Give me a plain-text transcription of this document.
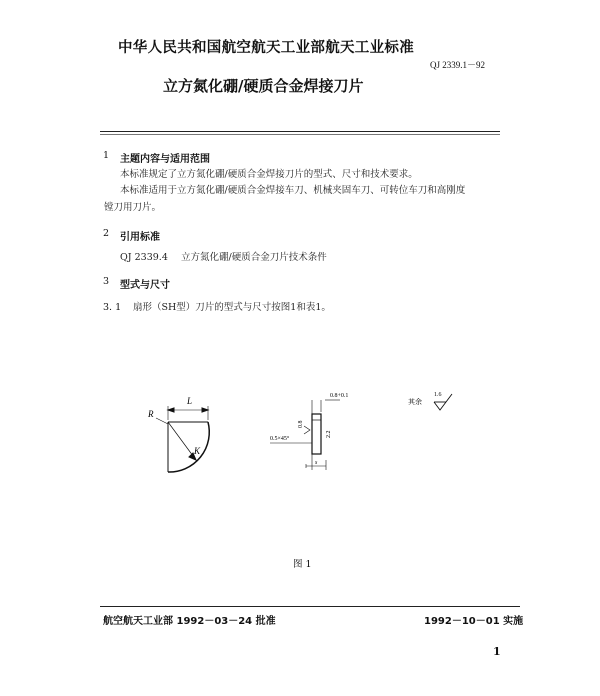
中华人民共和国航空航天工业部航天工业标准
QJ 2339.1－92
立方氮化硼/硬质合金焊接刀片
1 主题内容与适用范围
本标准规定了立方氮化硼/硬质合金焊接刀片的型式、尺寸和技术要求。
本标准适用于立方氮化硼/硬质合金焊接车刀、机械夹固车刀、可转位车刀和高刚度
镗刀用刀片。
2 引用标准
QJ 2339.4 立方氮化硼/硬质合金刀片技术条件
3 型式与尺寸
3. 1 扇形（SH型）刀片的型式与尺寸按图1和表1。
L
R
K
0.8
2.2
0.8+0.1
0.5×45°
s
其余
1.6
图 1
航空航天工业部 1992－03－24 批准	1992－10－01 实施
1
